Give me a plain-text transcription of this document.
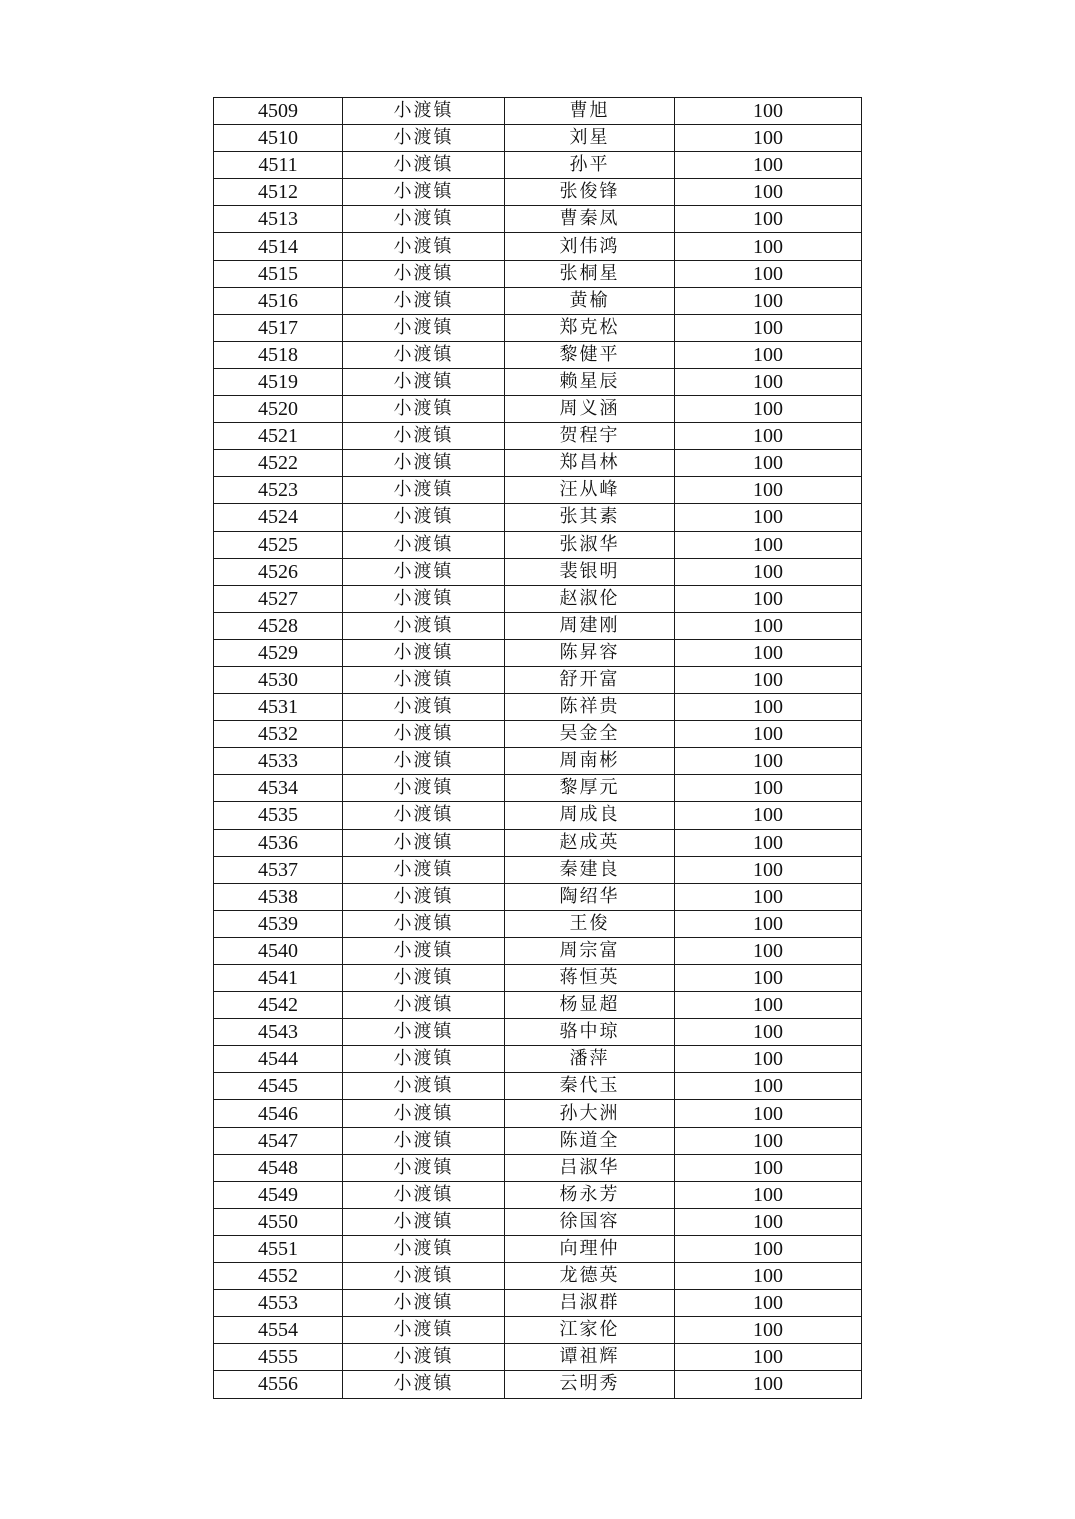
4509	小渡镇	曹旭	100
4510	小渡镇	刘星	100
4511	小渡镇	孙平	100
4512	小渡镇	张俊锋	100
4513	小渡镇	曹秦凤	100
4514	小渡镇	刘伟鸿	100
4515	小渡镇	张桐星	100
4516	小渡镇	黄榆	100
4517	小渡镇	郑克松	100
4518	小渡镇	黎健平	100
4519	小渡镇	赖星辰	100
4520	小渡镇	周义涵	100
4521	小渡镇	贺程宇	100
4522	小渡镇	郑昌林	100
4523	小渡镇	汪从峰	100
4524	小渡镇	张其素	100
4525	小渡镇	张淑华	100
4526	小渡镇	裴银明	100
4527	小渡镇	赵淑伦	100
4528	小渡镇	周建刚	100
4529	小渡镇	陈昇容	100
4530	小渡镇	舒开富	100
4531	小渡镇	陈祥贵	100
4532	小渡镇	吴金全	100
4533	小渡镇	周南彬	100
4534	小渡镇	黎厚元	100
4535	小渡镇	周成良	100
4536	小渡镇	赵成英	100
4537	小渡镇	秦建良	100
4538	小渡镇	陶绍华	100
4539	小渡镇	王俊	100
4540	小渡镇	周宗富	100
4541	小渡镇	蒋恒英	100
4542	小渡镇	杨显超	100
4543	小渡镇	骆中琼	100
4544	小渡镇	潘萍	100
4545	小渡镇	秦代玉	100
4546	小渡镇	孙大洲	100
4547	小渡镇	陈道全	100
4548	小渡镇	吕淑华	100
4549	小渡镇	杨永芳	100
4550	小渡镇	徐国容	100
4551	小渡镇	向理仲	100
4552	小渡镇	龙德英	100
4553	小渡镇	吕淑群	100
4554	小渡镇	江家伦	100
4555	小渡镇	谭祖辉	100
4556	小渡镇	云明秀	100
